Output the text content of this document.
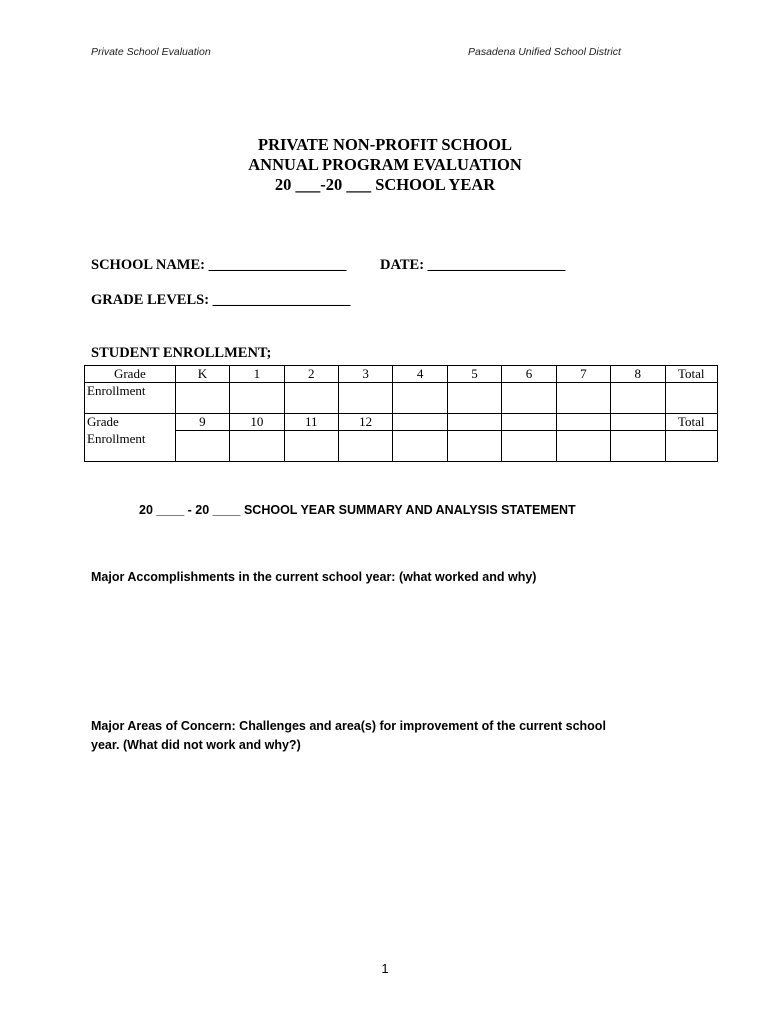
Private School Evaluation	Pasadena Unified School District
PRIVATE NON-PROFIT SCHOOL
ANNUAL PROGRAM EVALUATION
20 ___-20 ___ SCHOOL YEAR
SCHOOL NAME: ___________________ DATE: ___________________
GRADE LEVELS: ___________________
STUDENT ENROLLMENT;
Grade	K	1	2	3	4	5	6	7	8	Total
Enrollment										
Grade	9	10	11	12						Total
Enrollment										
20 ____ - 20 ____ SCHOOL YEAR SUMMARY AND ANALYSIS STATEMENT
Major Accomplishments in the current school year: (what worked and why)
Major Areas of Concern: Challenges and area(s) for improvement of the current school
year. (What did not work and why?)
1
